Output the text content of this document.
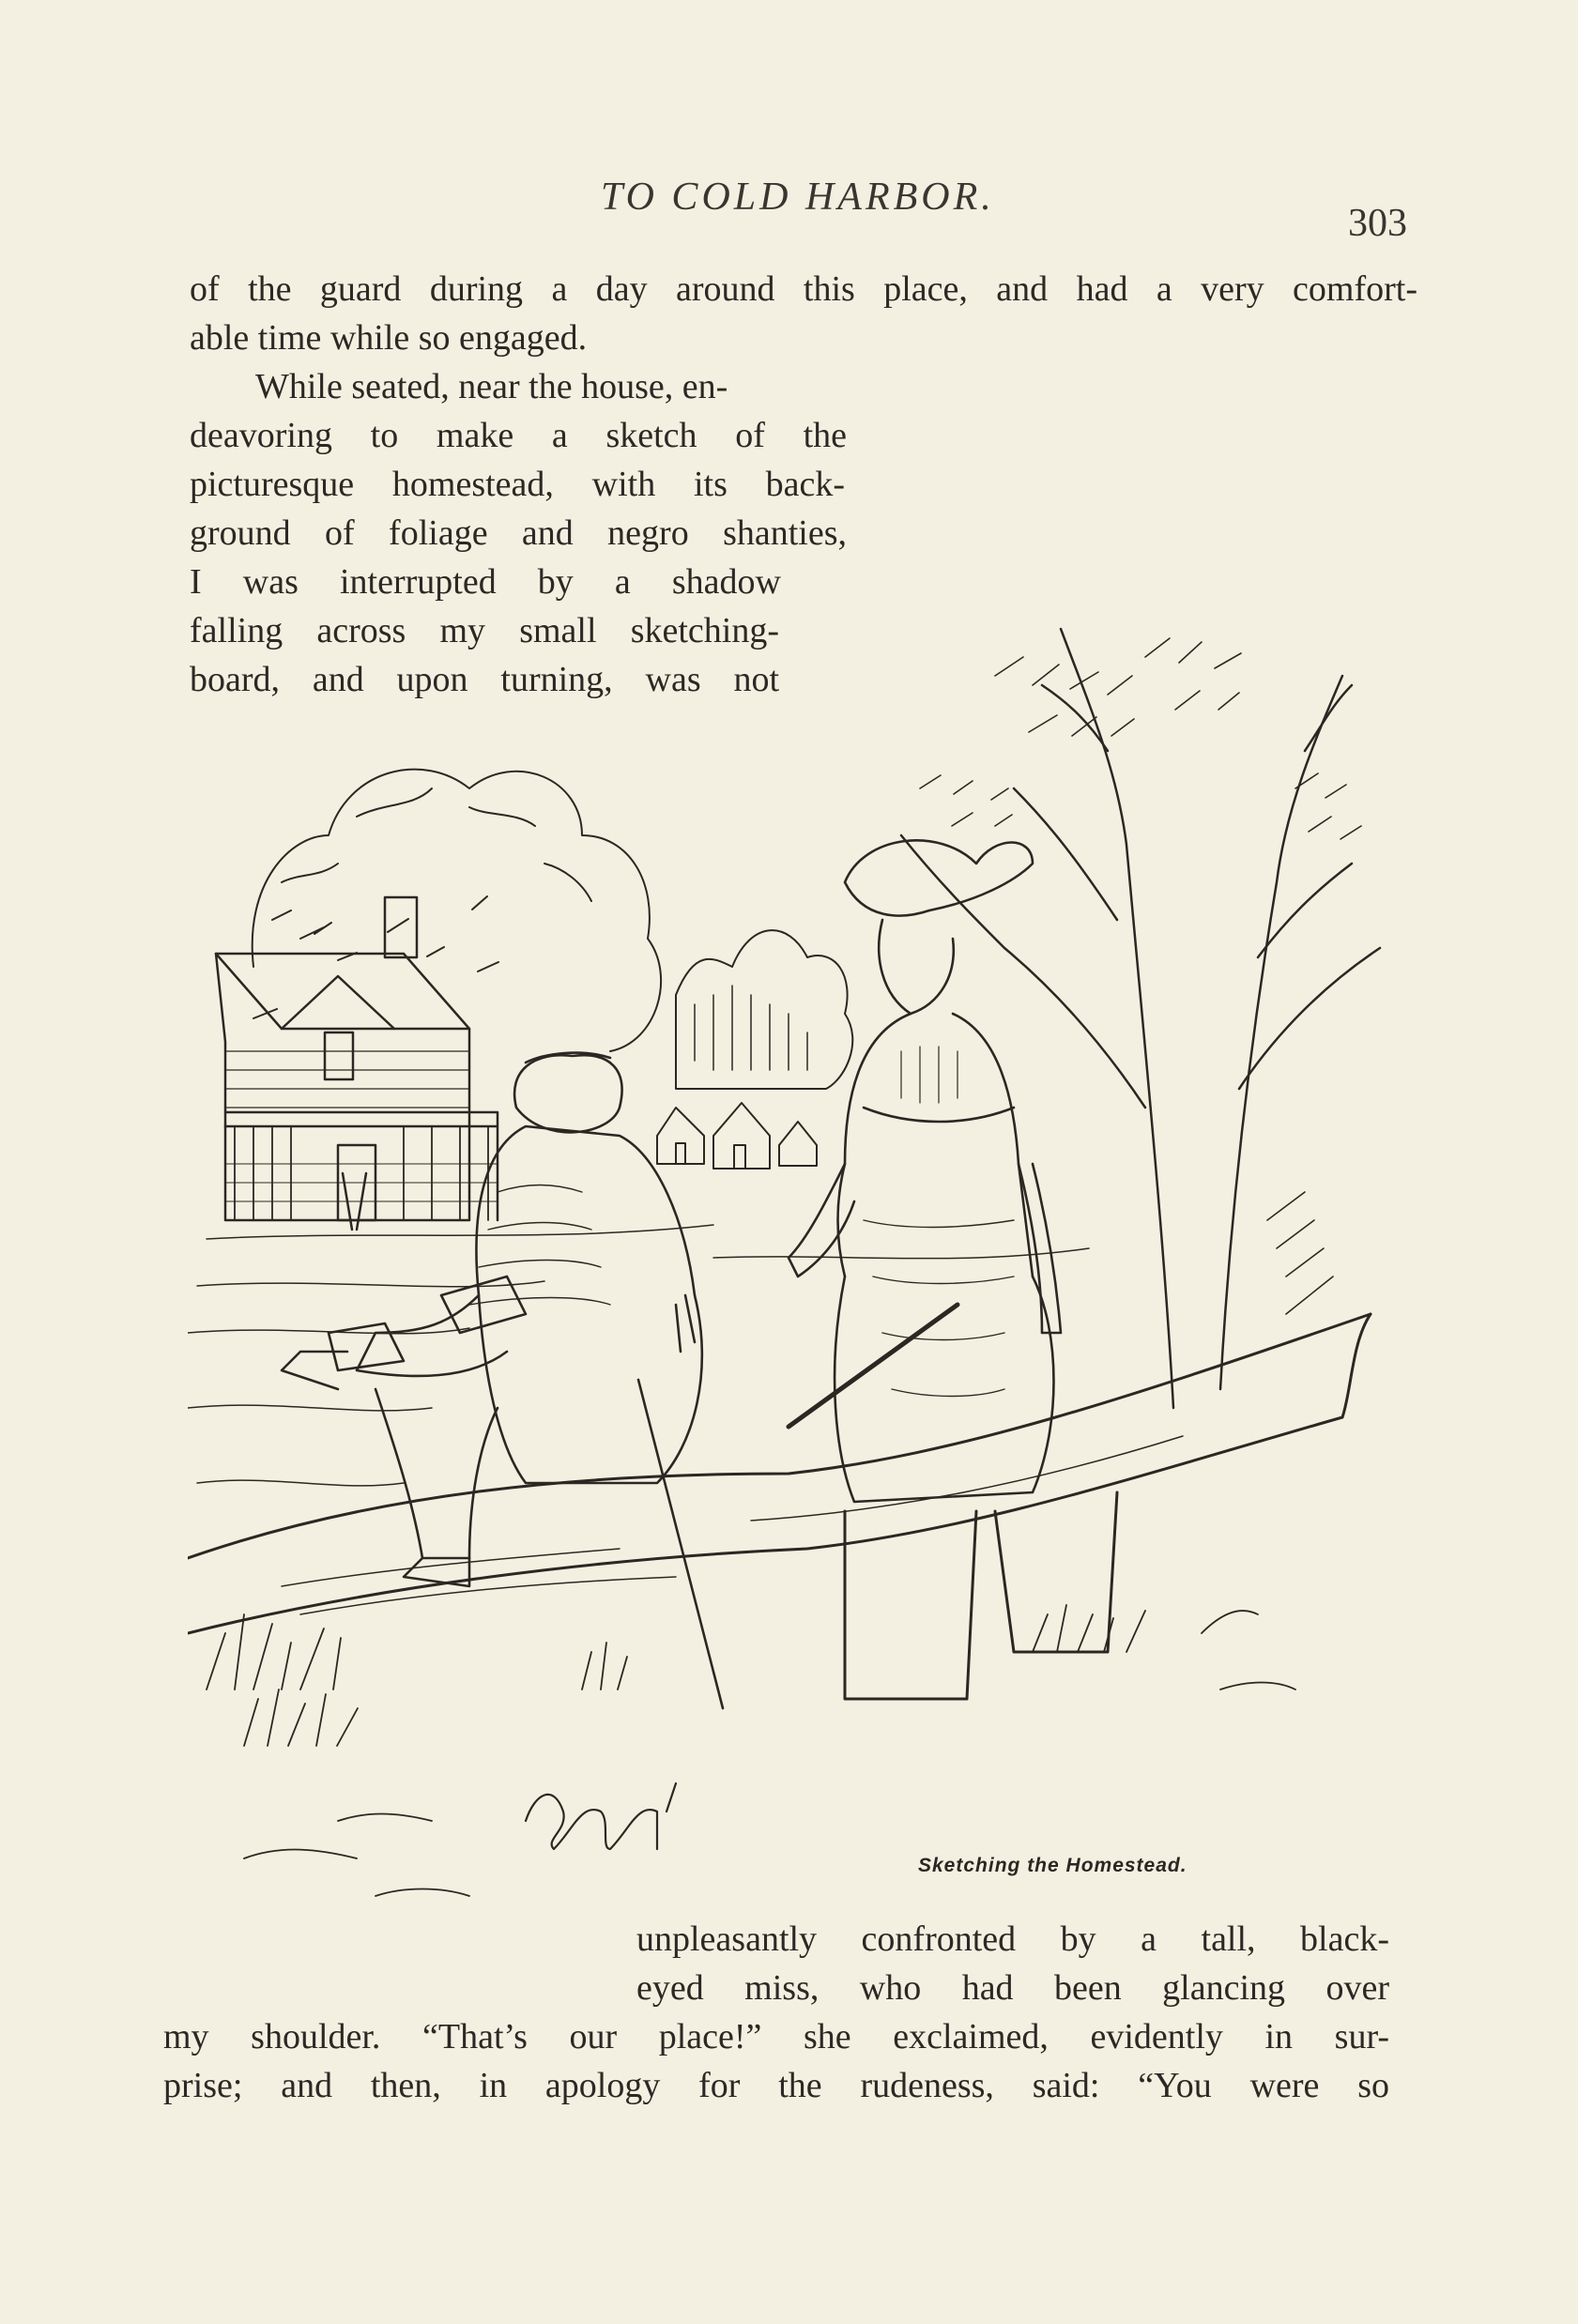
TO COLD HARBOR.
303
of the guard during a day around this place, and had a very comfort-
able time while so engaged.
While seated, near the house, en-
deavoring to make a sketch of the
picturesque homestead, with its back-
ground of foliage and negro shanties,
I was interrupted by a shadow
falling across my small sketching-
board, and upon turning, was not
Sketching the Homestead.
unpleasantly confronted by a tall, black-
eyed miss, who had been glancing over
my shoulder. “That’s our place!” she exclaimed, evidently in sur-
prise; and then, in apology for the rudeness, said: “You were so
